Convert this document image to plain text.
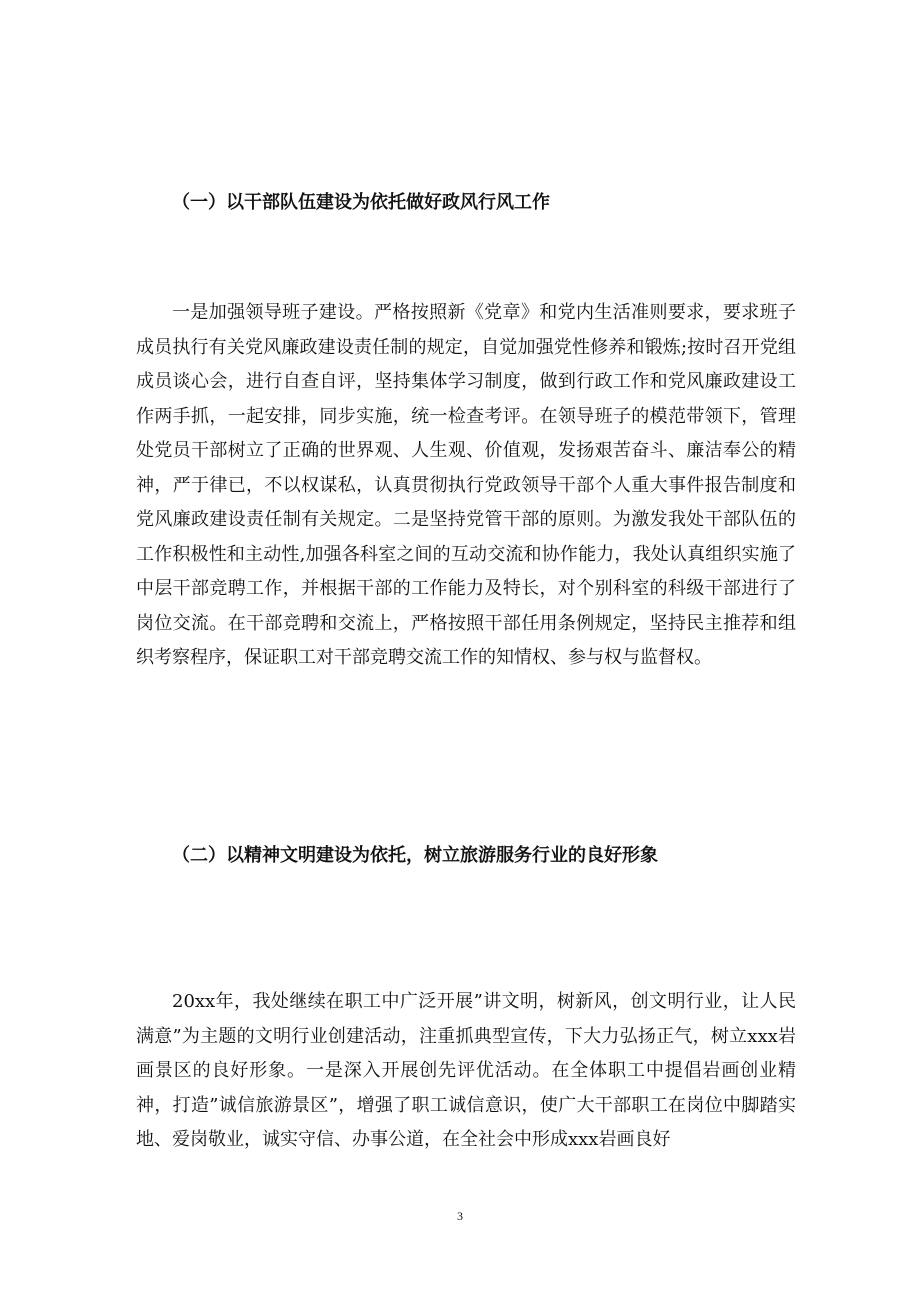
（一）以干部队伍建设为依托做好政风行风工作

一是加强领导班子建设。严格按照新《党章》和党内生活准则要求，要求班子成员执行有关党风廉政建设责任制的规定，自觉加强党性修养和锻炼;按时召开党组成员谈心会，进行自查自评，坚持集体学习制度，做到行政工作和党风廉政建设工作两手抓，一起安排，同步实施，统一检查考评。在领导班子的模范带领下，管理处党员干部树立了正确的世界观、人生观、价值观，发扬艰苦奋斗、廉洁奉公的精神，严于律已，不以权谋私，认真贯彻执行党政领导干部个人重大事件报告制度和党风廉政建设责任制有关规定。二是坚持党管干部的原则。为激发我处干部队伍的工作积极性和主动性,加强各科室之间的互动交流和协作能力，我处认真组织实施了中层干部竞聘工作，并根据干部的工作能力及特长，对个别科室的科级干部进行了岗位交流。在干部竞聘和交流上，严格按照干部任用条例规定，坚持民主推荐和组织考察程序，保证职工对干部竞聘交流工作的知情权、参与权与监督权。

（二）以精神文明建设为依托，树立旅游服务行业的良好形象

20xx年，我处继续在职工中广泛开展”讲文明，树新风，创文明行业，让人民满意”为主题的文明行业创建活动，注重抓典型宣传，下大力弘扬正气，树立xxx岩画景区的良好形象。一是深入开展创先评优活动。在全体职工中提倡岩画创业精神，打造”诚信旅游景区”，增强了职工诚信意识，使广大干部职工在岗位中脚踏实地、爱岗敬业，诚实守信、办事公道，在全社会中形成xxx岩画良好

3
